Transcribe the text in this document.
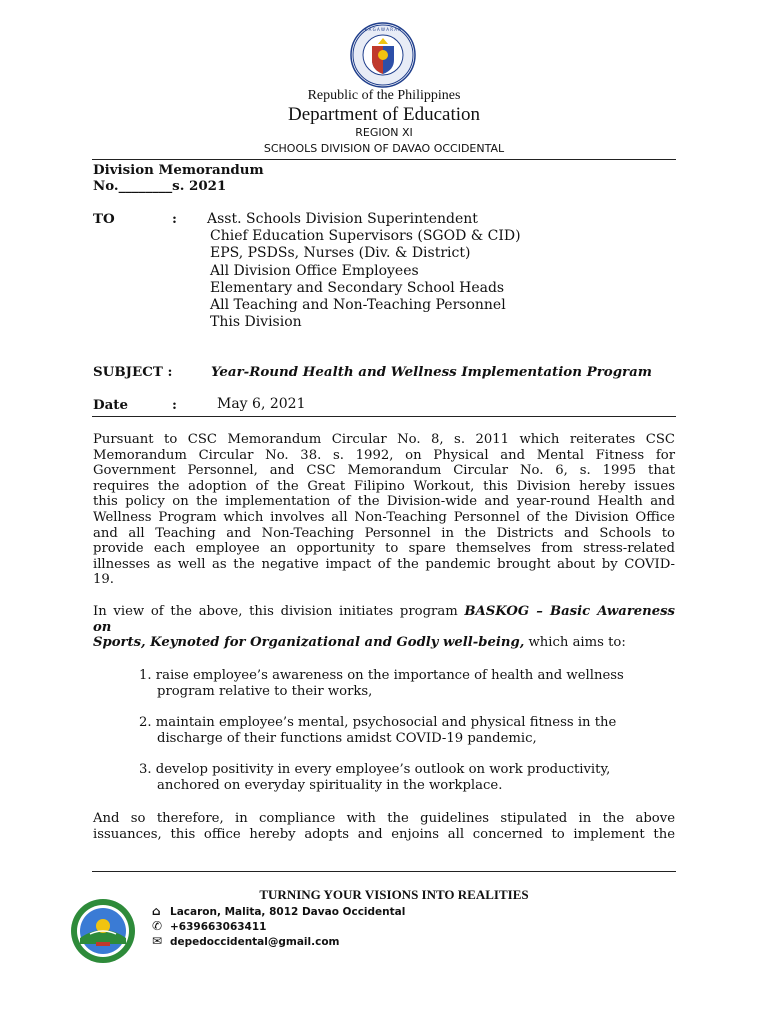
K A G A W A R A N
Republic of the Philippines
Department of Education
REGION XI
SCHOOLS DIVISION OF DAVAO OCCIDENTAL
Division Memorandum
No.________s. 2021
TO	: Asst. Schools Division Superintendent
Chief Education Supervisors (SGOD & CID)
EPS, PSDSs, Nurses (Div. & District)
All Division Office Employees
Elementary and Secondary School Heads
All Teaching and Non-Teaching Personnel
This Division
SUBJECT :	Year-Round Health and Wellness Implementation Program
Date	:	May 6, 2021
Pursuant to CSC Memorandum Circular No. 8, s. 2011 which reiterates CSC
Memorandum Circular No. 38. s. 1992, on Physical and Mental Fitness for
Government Personnel, and CSC Memorandum Circular No. 6, s. 1995 that
requires the adoption of the Great Filipino Workout, this Division hereby issues
this policy on the implementation of the Division-wide and year-round Health and
Wellness Program which involves all Non-Teaching Personnel of the Division Office
and all Teaching and Non-Teaching Personnel in the Districts and Schools to
provide each employee an opportunity to spare themselves from stress-related
illnesses as well as the negative impact of the pandemic brought about by COVID-
19.
In view of the above, this division initiates program BASKOG – Basic Awareness
on
Sports, Keynoted for Organizational and Godly well-being, which aims to:
1. raise employee’s awareness on the importance of health and wellness
program relative to their works,
2. maintain employee’s mental, psychosocial and physical fitness in the
discharge of their functions amidst COVID-19 pandemic,
3. develop positivity in every employee’s outlook on work productivity,
anchored on everyday spirituality in the workplace.
And so therefore, in compliance with the guidelines stipulated in the above
issuances, this office hereby adopts and enjoins all concerned to implement the
TURNING YOUR VISIONS INTO REALITIES
⌂ Lacaron, Malita, 8012 Davao Occidental
✆ +639663063411
✉ depedoccidental@gmail.com
